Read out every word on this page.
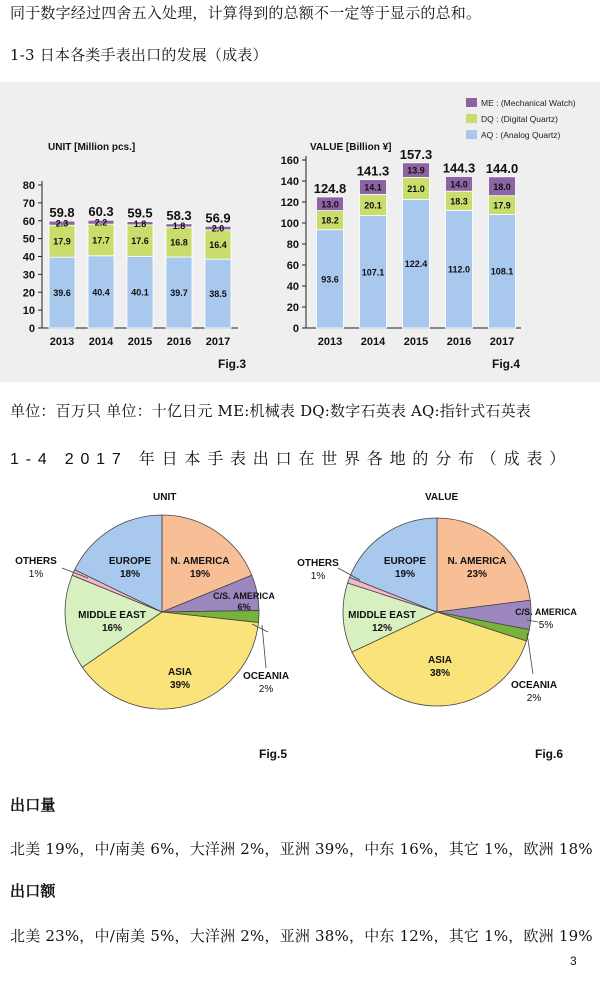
同于数字经过四舍五入处理，计算得到的总额不一定等于显示的总和。
1-3 日本各类手表出口的发展（成表）
ME : (Mechanical Watch)
DQ : (Digital Quartz)
AQ : (Analog Quartz)
UNIT [Million pcs.]	VALUE [Billion ¥]
Fig.3	Fig.4
0
10
20
30
40
50
60
70
80
39.6
17.9
2.3
59.8
2013
40.4
17.7
2.2
60.3
2014
40.1
17.6
1.8
59.5
2015
39.7
16.8
1.8
58.3
2016
38.5
16.4
2.0
56.9
2017
0
20
40
60
80
100
120
140
160
93.6
18.2
13.0
124.8
2013
107.1
20.1
14.1
141.3
2014
122.4
21.0
13.9
157.3
2015
112.0
18.3
14.0
144.3
2016
108.1
17.9
18.0
144.0
2017
单位：百万只 单位：十亿日元 ME:机械表 DQ:数字石英表 AQ:指针式石英表
1-4 2017 年日本手表出口在世界各地的分布（成表）
UNIT	VALUE
EUROPE
18%
N. AMERICA
19%
C/S. AMERICA
6%
ASIA
39%
MIDDLE EAST
16%
OTHERS
1%
OCEANIA
2%
EUROPE
19%
N. AMERICA
23%
C/S. AMERICA
5%
ASIA
38%
MIDDLE EAST
12%
OTHERS
1%
OCEANIA
2%
Fig.5	Fig.6
出口量
北美 19%，中/南美 6%，大洋洲 2%，亚洲 39%，中东 16%，其它 1%，欧洲 18%
出口额
北美 23%，中/南美 5%，大洋洲 2%，亚洲 38%，中东 12%，其它 1%，欧洲 19%
3
